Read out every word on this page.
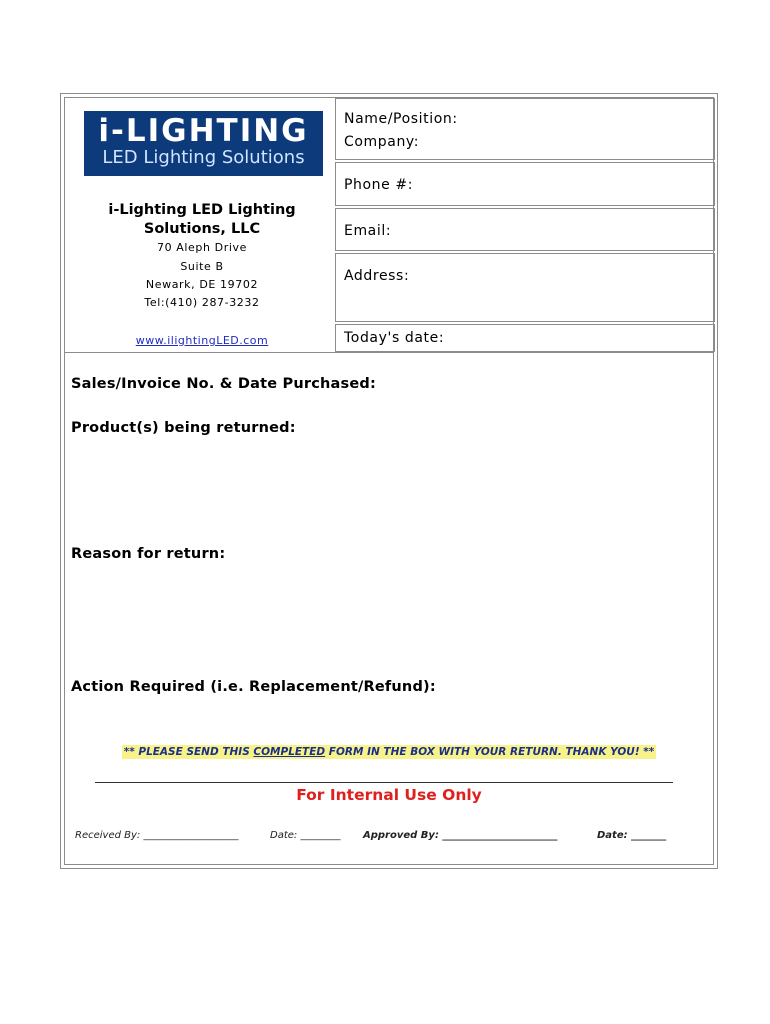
i-LIGHTING
LED Lighting Solutions
i-Lighting LED Lighting Solutions, LLC
70 Aleph Drive
Suite B
Newark, DE 19702
Tel:(410) 287-3232
www.ilightingLED.com
Name/Position:
Company:
Phone #:
Email:
Address:
Today's date:
Sales/Invoice No. & Date Purchased:
Product(s) being returned:
Reason for return:
Action Required (i.e. Replacement/Refund):
** PLEASE SEND THIS COMPLETED FORM IN THE BOX WITH YOUR RETURN. THANK YOU! **
For Internal Use Only
Received By: ___________________	Date: ________ Approved By: _______________________	Date: _______
